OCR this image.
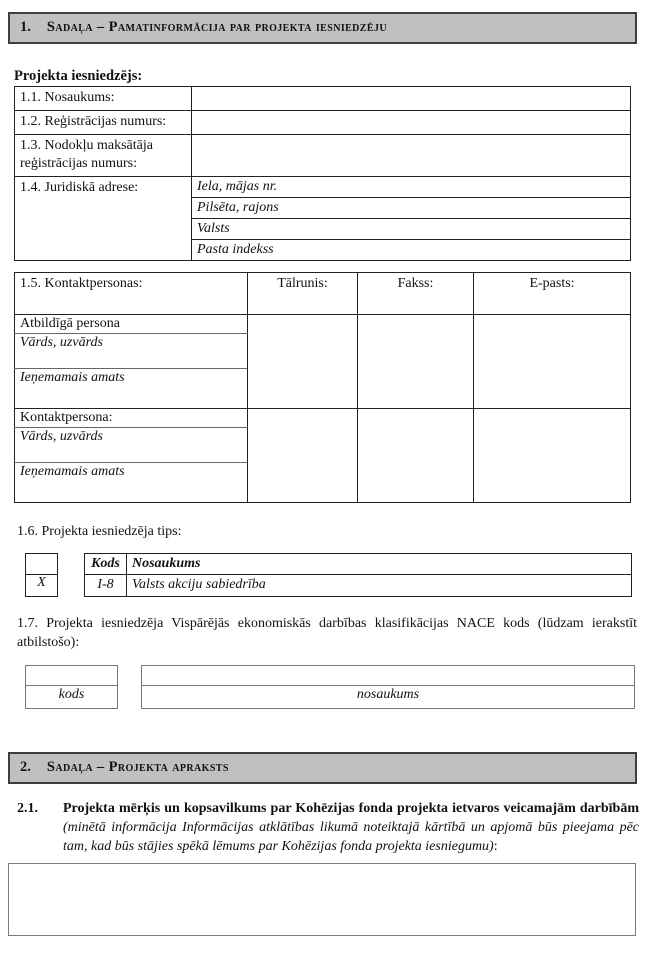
1. Sadaļa – Pamatinformācija par projekta iesniedzēju
Projekta iesniedzējs:
1.1. Nosaukums:	
1.2. Reģistrācijas numurs:	
1.3. Nodokļu maksātāja reģistrācijas numurs:	
1.4. Juridiskā adrese:	Iela, mājas nr.
	Pilsēta, rajons
	Valsts
	Pasta indekss
1.5. Kontaktpersonas:	Tālrunis:	Fakss:	E-pasts:
Atbildīgā persona			
Vārds, uzvārds			
Ieņemamais amats			
Kontaktpersona:			
Vārds, uzvārds			
Ieņemamais amats			
1.6. Projekta iesniedzēja tips:

X
Kods	Nosaukums
I-8	Valsts akciju sabiedrība
1.7. Projekta iesniedzēja Vispārējās ekonomiskās darbības klasifikācijas NACE kods (lūdzam ierakstīt atbilstošo):

kods	nosaukums
2. Sadaļa – Projekta apraksts
2.1. Projekta mērķis un kopsavilkums par Kohēzijas fonda projekta ietvaros veicamajām darbībām (minētā informācija Informācijas atklātības likumā noteiktajā kārtībā un apjomā būs pieejama pēc tam, kad būs stājies spēkā lēmums par Kohēzijas fonda projekta iesniegumu):
